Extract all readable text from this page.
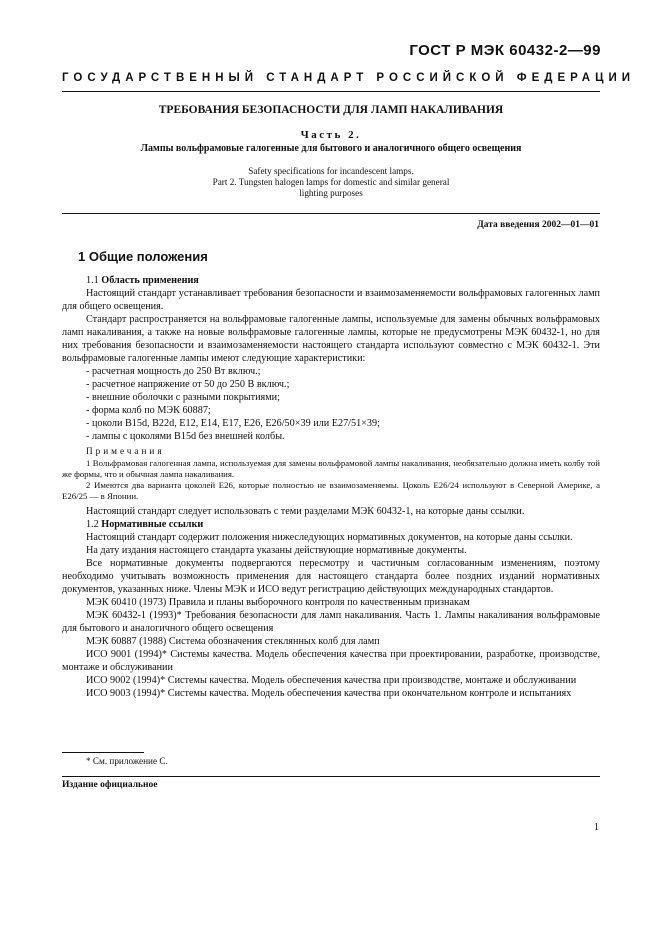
ГОСТ Р МЭК 60432-2—99
ГОСУДАРСТВЕННЫЙ СТАНДАРТ РОССИЙСКОЙ ФЕДЕРАЦИИ
ТРЕБОВАНИЯ БЕЗОПАСНОСТИ ДЛЯ ЛАМП НАКАЛИВАНИЯ
Часть 2.
Лампы вольфрамовые галогенные для бытового и аналогичного общего освещения
Safety specifications for incandescent lamps.
Part 2. Tungsten halogen lamps for domestic and similar general
lighting purposes
Дата введения 2002—01—01
1 Общие положения

1.1 Область применения

Настоящий стандарт устанавливает требования безопасности и взаимозаменяемости вольфрамовых галогенных ламп для общего освещения.

Стандарт распространяется на вольфрамовые галогенные лампы, используемые для замены обычных вольфрамовых ламп накаливания, а также на новые вольфрамовые галогенные лампы, которые не предусмотрены МЭК 60432-1, но для них требования безопасности и взаимозаменяемости настоящего стандарта используют совместно с МЭК 60432-1. Эти вольфрамовые галогенные лампы имеют следующие характеристики:

- расчетная мощность до 250 Вт включ.;

- расчетное напряжение от 50 до 250 В включ.;

- внешние оболочки с разными покрытиями;

- форма колб по МЭК 60887;

- цоколи B15d, B22d, E12, E14, E17, E26, E26/50×39 или E27/51×39;

- лампы с цоколями B15d без внешней колбы.

Примечания

1 Вольфрамовая галогенная лампа, используемая для замены вольфрамовой лампы накаливания, необязательно должна иметь колбу той же формы, что и обычная лампа накаливания.

2 Имеются два варианта цоколей E26, которые полностью не взаимозаменяемы. Цоколь E26/24 используют в Северной Америке, а E26/25 — в Японии.

Настоящий стандарт следует использовать с теми разделами МЭК 60432-1, на которые даны ссылки.

1.2 Нормативные ссылки

Настоящий стандарт содержит положения нижеследующих нормативных документов, на которые даны ссылки.

На дату издания настоящего стандарта указаны действующие нормативные документы.

Все нормативные документы подвергаются пересмотру и частичным согласованным изменениям, поэтому необходимо учитывать возможность применения для настоящего стандарта более поздних изданий нормативных документов, указанных ниже. Члены МЭК и ИСО ведут регистрацию действующих международных стандартов.

МЭК 60410 (1973) Правила и планы выборочного контроля по качественным признакам

МЭК 60432-1 (1993)* Требования безопасности для ламп накаливания. Часть 1. Лампы накаливания вольфрамовые для бытового и аналогичного общего освещения

МЭК 60887 (1988) Система обозначения стеклянных колб для ламп

ИСО 9001 (1994)* Системы качества. Модель обеспечения качества при проектировании, разработке, производстве, монтаже и обслуживании

ИСО 9002 (1994)* Системы качества. Модель обеспечения качества при производстве, монтаже и обслуживании

ИСО 9003 (1994)* Системы качества. Модель обеспечения качества при окончательном контроле и испытаниях

* См. приложение С.
Издание официальное
1
